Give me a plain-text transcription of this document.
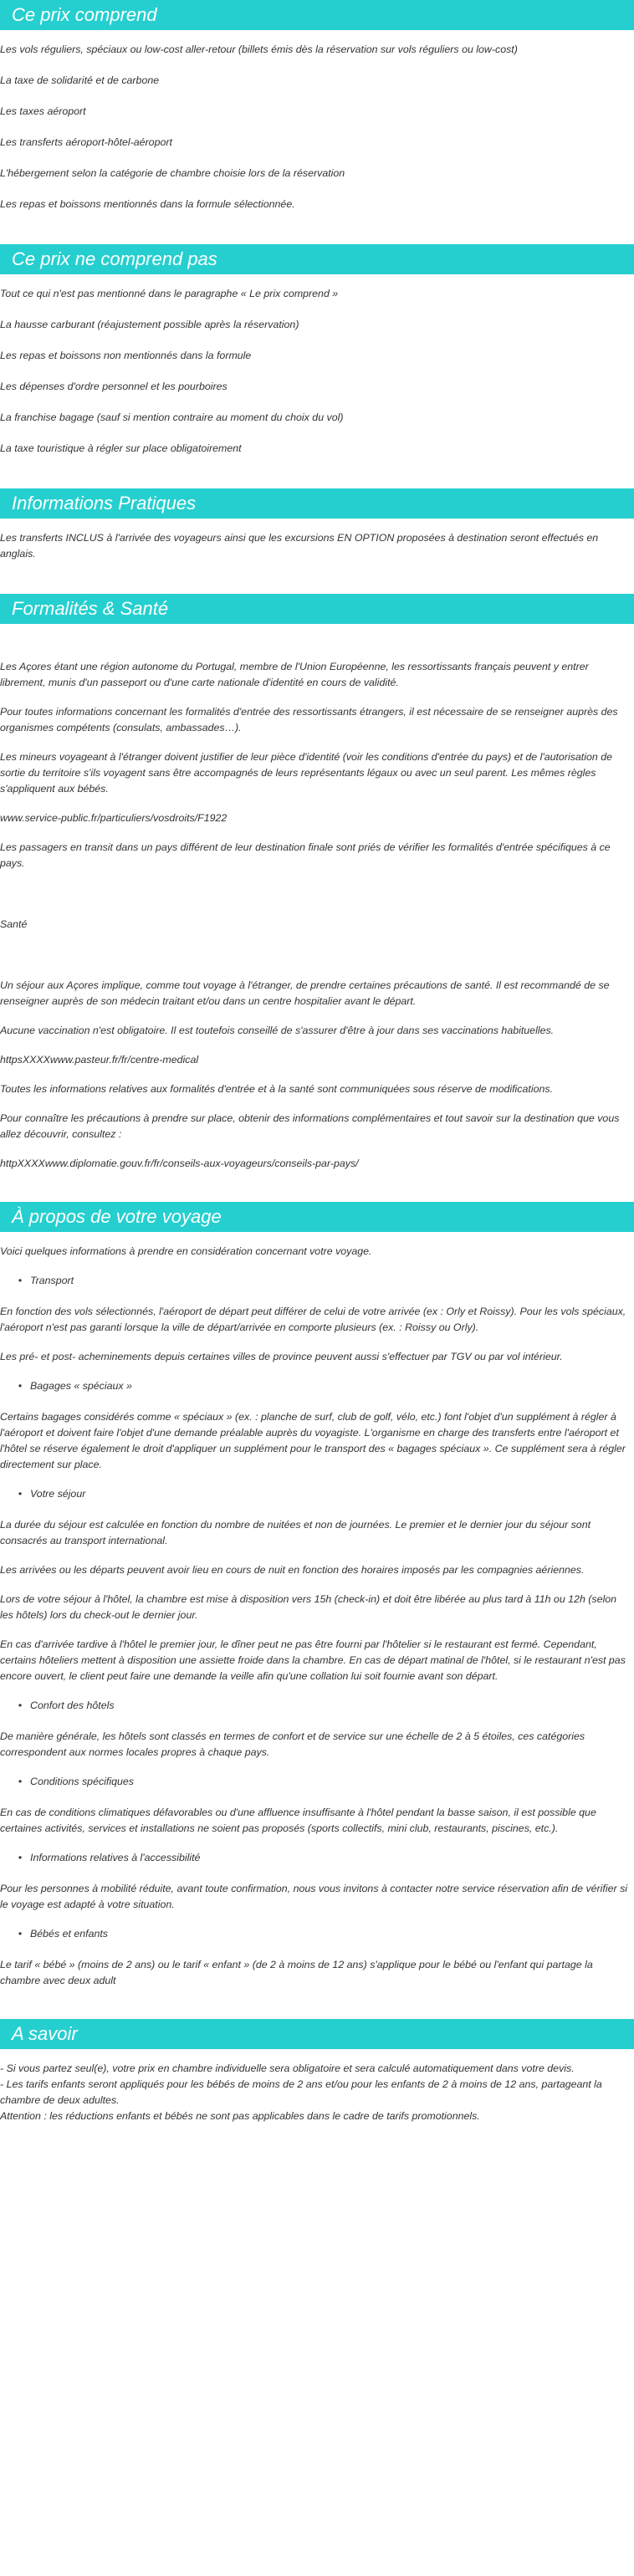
Ce prix comprend

Les vols réguliers, spéciaux ou low-cost aller-retour (billets émis dès la réservation sur vols réguliers ou low-cost)

La taxe de solidarité et de carbone

Les taxes aéroport

Les transferts aéroport-hôtel-aéroport

L'hébergement selon la catégorie de chambre choisie lors de la réservation

Les repas et boissons mentionnés dans la formule sélectionnée.

Ce prix ne comprend pas

Tout ce qui n'est pas mentionné dans le paragraphe « Le prix comprend »

La hausse carburant (réajustement possible après la réservation)

Les repas et boissons non mentionnés dans la formule

Les dépenses d'ordre personnel et les pourboires

La franchise bagage (sauf si mention contraire au moment du choix du vol)

La taxe touristique à régler sur place obligatoirement

Informations Pratiques

Les transferts INCLUS à l'arrivée des voyageurs ainsi que les excursions EN OPTION proposées à destination seront effectués en anglais.

Formalités & Santé

Les Açores étant une région autonome du Portugal, membre de l'Union Européenne, les ressortissants français peuvent y entrer librement, munis d'un passeport ou d'une carte nationale d'identité en cours de validité.

Pour toutes informations concernant les formalités d'entrée des ressortissants étrangers, il est nécessaire de se renseigner auprès des organismes compétents (consulats, ambassades…).

Les mineurs voyageant à l'étranger doivent justifier de leur pièce d'identité (voir les conditions d'entrée du pays) et de l'autorisation de sortie du territoire s'ils voyagent sans être accompagnés de leurs représentants légaux ou avec un seul parent. Les mêmes règles s'appliquent aux bébés.

www.service-public.fr/particuliers/vosdroits/F1922

Les passagers en transit dans un pays différent de leur destination finale sont priés de vérifier les formalités d'entrée spécifiques à ce pays.

Santé

Un séjour aux Açores implique, comme tout voyage à l'étranger, de prendre certaines précautions de santé. Il est recommandé de se renseigner auprès de son médecin traitant et/ou dans un centre hospitalier avant le départ.

Aucune vaccination n'est obligatoire. Il est toutefois conseillé de s'assurer d'être à jour dans ses vaccinations habituelles.

httpsXXXXwww.pasteur.fr/fr/centre-medical

Toutes les informations relatives aux formalités d'entrée et à la santé sont communiquées sous réserve de modifications.

Pour connaître les précautions à prendre sur place, obtenir des informations complémentaires et tout savoir sur la destination que vous allez découvrir, consultez :

httpXXXXwww.diplomatie.gouv.fr/fr/conseils-aux-voyageurs/conseils-par-pays/

À propos de votre voyage

Voici quelques informations à prendre en considération concernant votre voyage.

• Transport

En fonction des vols sélectionnés, l'aéroport de départ peut différer de celui de votre arrivée (ex : Orly et Roissy). Pour les vols spéciaux, l'aéroport n'est pas garanti lorsque la ville de départ/arrivée en comporte plusieurs (ex. : Roissy ou Orly).

Les pré- et post- acheminements depuis certaines villes de province peuvent aussi s'effectuer par TGV ou par vol intérieur.

• Bagages « spéciaux »

Certains bagages considérés comme « spéciaux » (ex. : planche de surf, club de golf, vélo, etc.) font l'objet d'un supplément à régler à l'aéroport et doivent faire l'objet d'une demande préalable auprès du voyagiste. L'organisme en charge des transferts entre l'aéroport et l'hôtel se réserve également le droit d'appliquer un supplément pour le transport des « bagages spéciaux ». Ce supplément sera à régler directement sur place.

• Votre séjour

La durée du séjour est calculée en fonction du nombre de nuitées et non de journées. Le premier et le dernier jour du séjour sont consacrés au transport international.

Les arrivées ou les départs peuvent avoir lieu en cours de nuit en fonction des horaires imposés par les compagnies aériennes.

Lors de votre séjour à l'hôtel, la chambre est mise à disposition vers 15h (check-in) et doit être libérée au plus tard à 11h ou 12h (selon les hôtels) lors du check-out le dernier jour.

En cas d'arrivée tardive à l'hôtel le premier jour, le dîner peut ne pas être fourni par l'hôtelier si le restaurant est fermé. Cependant, certains hôteliers mettent à disposition une assiette froide dans la chambre. En cas de départ matinal de l'hôtel, si le restaurant n'est pas encore ouvert, le client peut faire une demande la veille afin qu'une collation lui soit fournie avant son départ.

• Confort des hôtels

De manière générale, les hôtels sont classés en termes de confort et de service sur une échelle de 2 à 5 étoiles, ces catégories correspondent aux normes locales propres à chaque pays.

• Conditions spécifiques

En cas de conditions climatiques défavorables ou d'une affluence insuffisante à l'hôtel pendant la basse saison, il est possible que certaines activités, services et installations ne soient pas proposés (sports collectifs, mini club, restaurants, piscines, etc.).

• Informations relatives à l'accessibilité

Pour les personnes à mobilité réduite, avant toute confirmation, nous vous invitons à contacter notre service réservation afin de vérifier si le voyage est adapté à votre situation.

• Bébés et enfants

Le tarif « bébé » (moins de 2 ans) ou le tarif « enfant » (de 2 à moins de 12 ans) s'applique pour le bébé ou l'enfant qui partage la chambre avec deux adult

A savoir

- Si vous partez seul(e), votre prix en chambre individuelle sera obligatoire et sera calculé automatiquement dans votre devis.

- Les tarifs enfants seront appliqués pour les bébés de moins de 2 ans et/ou pour les enfants de 2 à moins de 12 ans, partageant la chambre de deux adultes.

Attention : les réductions enfants et bébés ne sont pas applicables dans le cadre de tarifs promotionnels.
